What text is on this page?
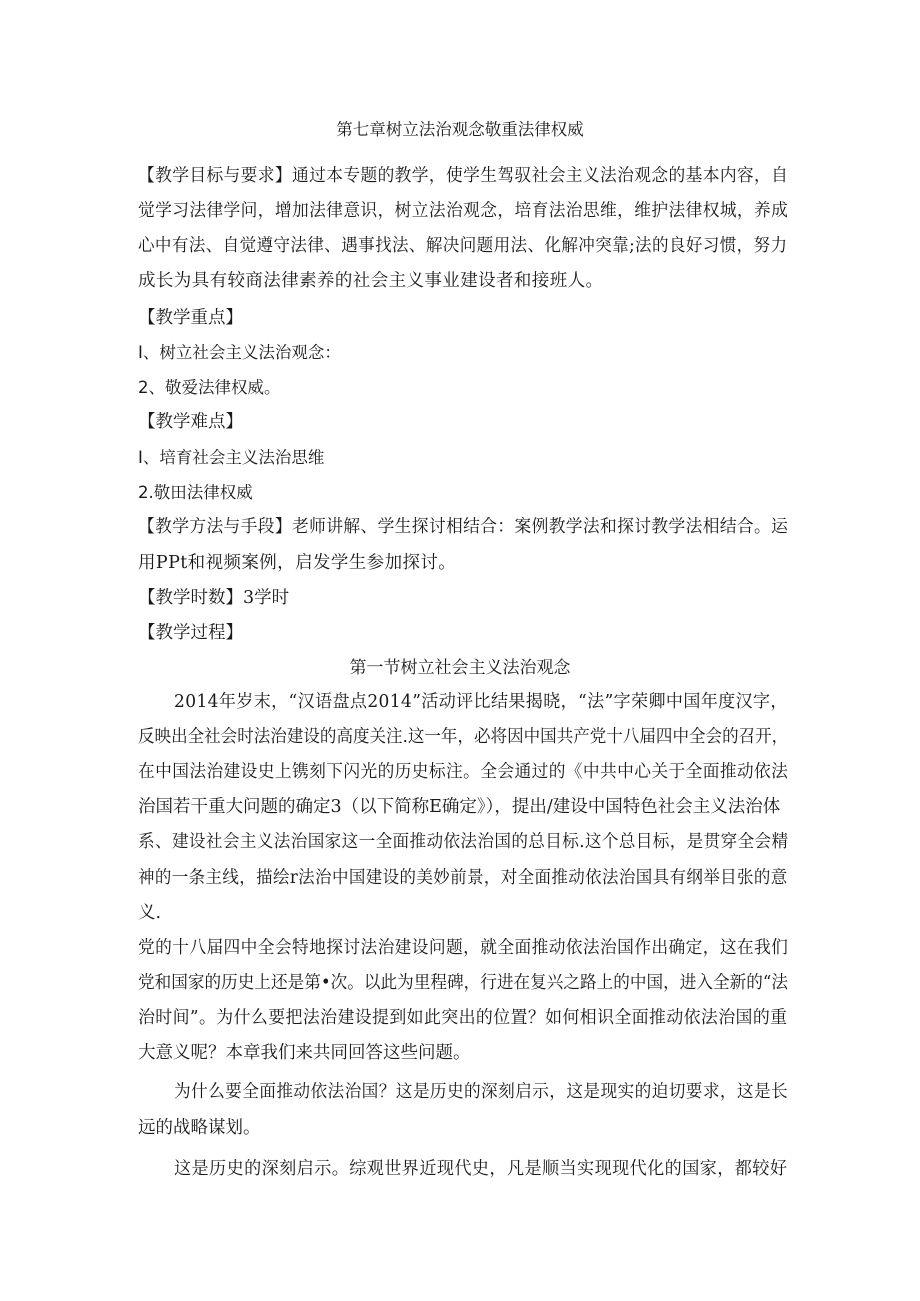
第七章树立法治观念敬重法律权威
【教学目标与要求】通过本专题的教学，使学生驾驭社会主义法治观念的基本内容，自
觉学习法律学问，增加法律意识，树立法治观念，培育法治思维，维护法律权城，养成
心中有法、自觉遵守法律、遇事找法、解决问题用法、化解冲突靠;法的良好习惯，努力
成长为具有较商法律素养的社会主义事业建设者和接班人。
【教学重点】
I、树立社会主义法治观念：
2、敬爱法律权威。
【教学难点】
I、培育社会主义法治思维
2.敬田法律权威
【教学方法与手段】老师讲解、学生探讨相结合：案例教学法和探讨教学法相结合。运
用PPt和视频案例，启发学生参加探讨。
【教学时数】3学时
【教学过程】
第一节树立社会主义法治观念
2014年岁末，“汉语盘点2014”活动评比结果揭晓，“法”字荣卿中国年度汉字，
反映出全社会时法治建设的高度关注.这一年，必将因中国共产党十八届四中全会的召开，
在中国法治建设史上镌刻下闪光的历史标注。全会通过的《中共中心关于全面推动依法
治国若干重大问题的确定3（以下简称E确定》），提出/建设中国特色社会主义法治体
系、建设社会主义法治国家这一全面推动依法治国的总目标.这个总目标，是贯穿全会精
神的一条主线，描绘r法治中国建设的美妙前景，对全面推动依法治国具有纲举目张的意
义.
党的十八届四中全会特地探讨法治建设问题，就全面推动依法治国作出确定，这在我们
党和国家的历史上还是第•次。以此为里程碑，行进在复兴之路上的中国，进入全新的“法
治时间”。为什么要把法治建设提到如此突出的位置？如何相识全面推动依法治国的重
大意义呢？本章我们来共同回答这些问题。
为什么要全面推动依法治国？这是历史的深刻启示，这是现实的迫切要求，这是长
远的战略谋划。
这是历史的深刻启示。综观世界近现代史，凡是顺当实现现代化的国家，都较好
